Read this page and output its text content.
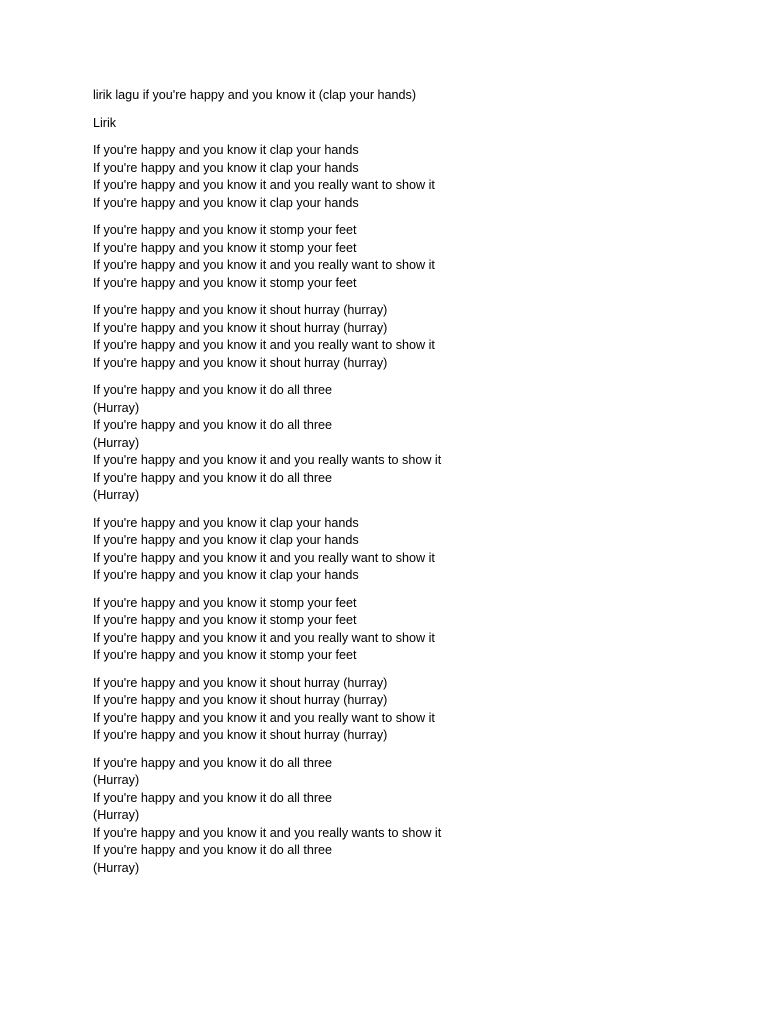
lirik lagu if you're happy and you know it (clap your hands)
Lirik
If you're happy and you know it clap your hands
If you're happy and you know it clap your hands
If you're happy and you know it and you really want to show it
If you're happy and you know it clap your hands
If you're happy and you know it stomp your feet
If you're happy and you know it stomp your feet
If you're happy and you know it and you really want to show it
If you're happy and you know it stomp your feet
If you're happy and you know it shout hurray (hurray)
If you're happy and you know it shout hurray (hurray)
If you're happy and you know it and you really want to show it
If you're happy and you know it shout hurray (hurray)
If you're happy and you know it do all three
(Hurray)
If you're happy and you know it do all three
(Hurray)
If you're happy and you know it and you really wants to show it
If you're happy and you know it do all three
(Hurray)
If you're happy and you know it clap your hands
If you're happy and you know it clap your hands
If you're happy and you know it and you really want to show it
If you're happy and you know it clap your hands
If you're happy and you know it stomp your feet
If you're happy and you know it stomp your feet
If you're happy and you know it and you really want to show it
If you're happy and you know it stomp your feet
If you're happy and you know it shout hurray (hurray)
If you're happy and you know it shout hurray (hurray)
If you're happy and you know it and you really want to show it
If you're happy and you know it shout hurray (hurray)
If you're happy and you know it do all three
(Hurray)
If you're happy and you know it do all three
(Hurray)
If you're happy and you know it and you really wants to show it
If you're happy and you know it do all three
(Hurray)
